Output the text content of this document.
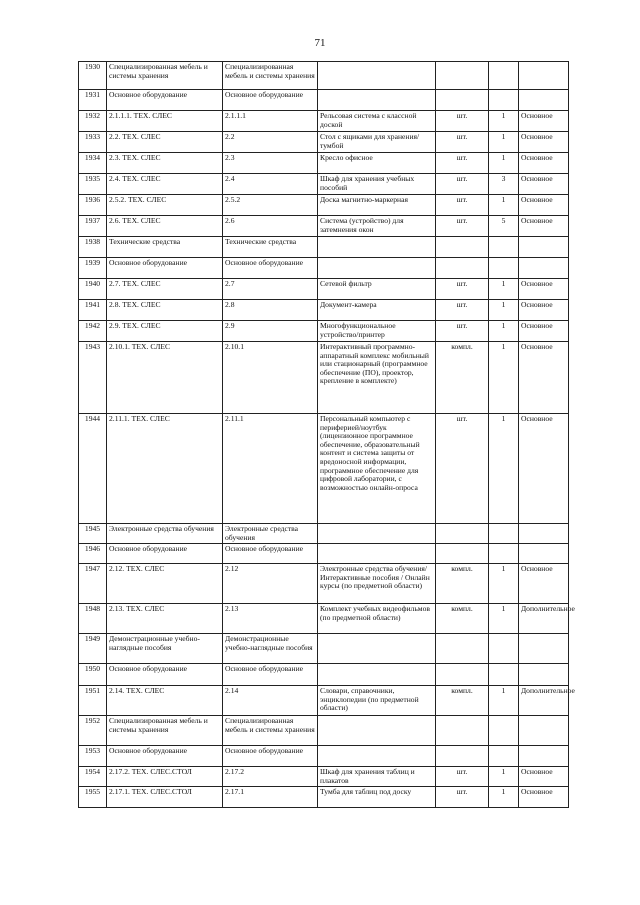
71
1930	Специализированная мебель и системы хранения	Специализированная мебель и системы хранения				
1931	Основное оборудование	Основное оборудование				
1932	2.1.1.1. ТЕХ. СЛЕС	2.1.1.1	Рельсовая система с классной доской	шт.	1	Основное
1933	2.2. ТЕХ. СЛЕС	2.2	Стол с ящиками для хранения/тумбой	шт.	1	Основное
1934	2.3. ТЕХ. СЛЕС	2.3	Кресло офисное	шт.	1	Основное
1935	2.4. ТЕХ. СЛЕС	2.4	Шкаф для хранения учебных пособий	шт.	3	Основное
1936	2.5.2. ТЕХ. СЛЕС	2.5.2	Доска магнитно-маркерная	шт.	1	Основное
1937	2.6. ТЕХ. СЛЕС	2.6	Система (устройство) для затемнения окон	шт.	5	Основное
1938	Технические средства	Технические средства				
1939	Основное оборудование	Основное оборудование				
1940	2.7. ТЕХ. СЛЕС	2.7	Сетевой фильтр	шт.	1	Основное
1941	2.8. ТЕХ. СЛЕС	2.8	Документ-камера	шт.	1	Основное
1942	2.9. ТЕХ. СЛЕС	2.9	Многофункциональное устройство/принтер	шт.	1	Основное
1943	2.10.1. ТЕХ. СЛЕС	2.10.1	Интерактивный программно-аппаратный комплекс мобильный или стационарный (программное обеспечение (ПО), проектор, крепление в комплекте)	компл.	1	Основное
1944	2.11.1. ТЕХ. СЛЕС	2.11.1	Персональный компьютер с периферией/ноутбук (лицензионное программное обеспечение, образовательный контент и система защиты от вредоносной информации, программное обеспечение для цифровой лаборатории, с возможностью онлайн-опроса	шт.	1	Основное
1945	Электронные средства обучения	Электронные средства обучения				
1946	Основное оборудование	Основное оборудование				
1947	2.12. ТЕХ. СЛЕС	2.12	Электронные средства обучения/Интерактивные пособия / Онлайн курсы (по предметной области)	компл.	1	Основное
1948	2.13. ТЕХ. СЛЕС	2.13	Комплект учебных видеофильмов (по предметной области)	компл.	1	Дополнительное
1949	Демонстрационные учебно-наглядные пособия	Демонстрационные учебно-наглядные пособия				
1950	Основное оборудование	Основное оборудование				
1951	2.14. ТЕХ. СЛЕС	2.14	Словари, справочники, энциклопедии (по предметной области)	компл.	1	Дополнительное
1952	Специализированная мебель и системы хранения	Специализированная мебель и системы хранения				
1953	Основное оборудование	Основное оборудование				
1954	2.17.2. ТЕХ. СЛЕС.СТОЛ	2.17.2	Шкаф для хранения таблиц и плакатов	шт.	1	Основное
1955	2.17.1. ТЕХ. СЛЕС.СТОЛ	2.17.1	Тумба для таблиц под доску	шт.	1	Основное
